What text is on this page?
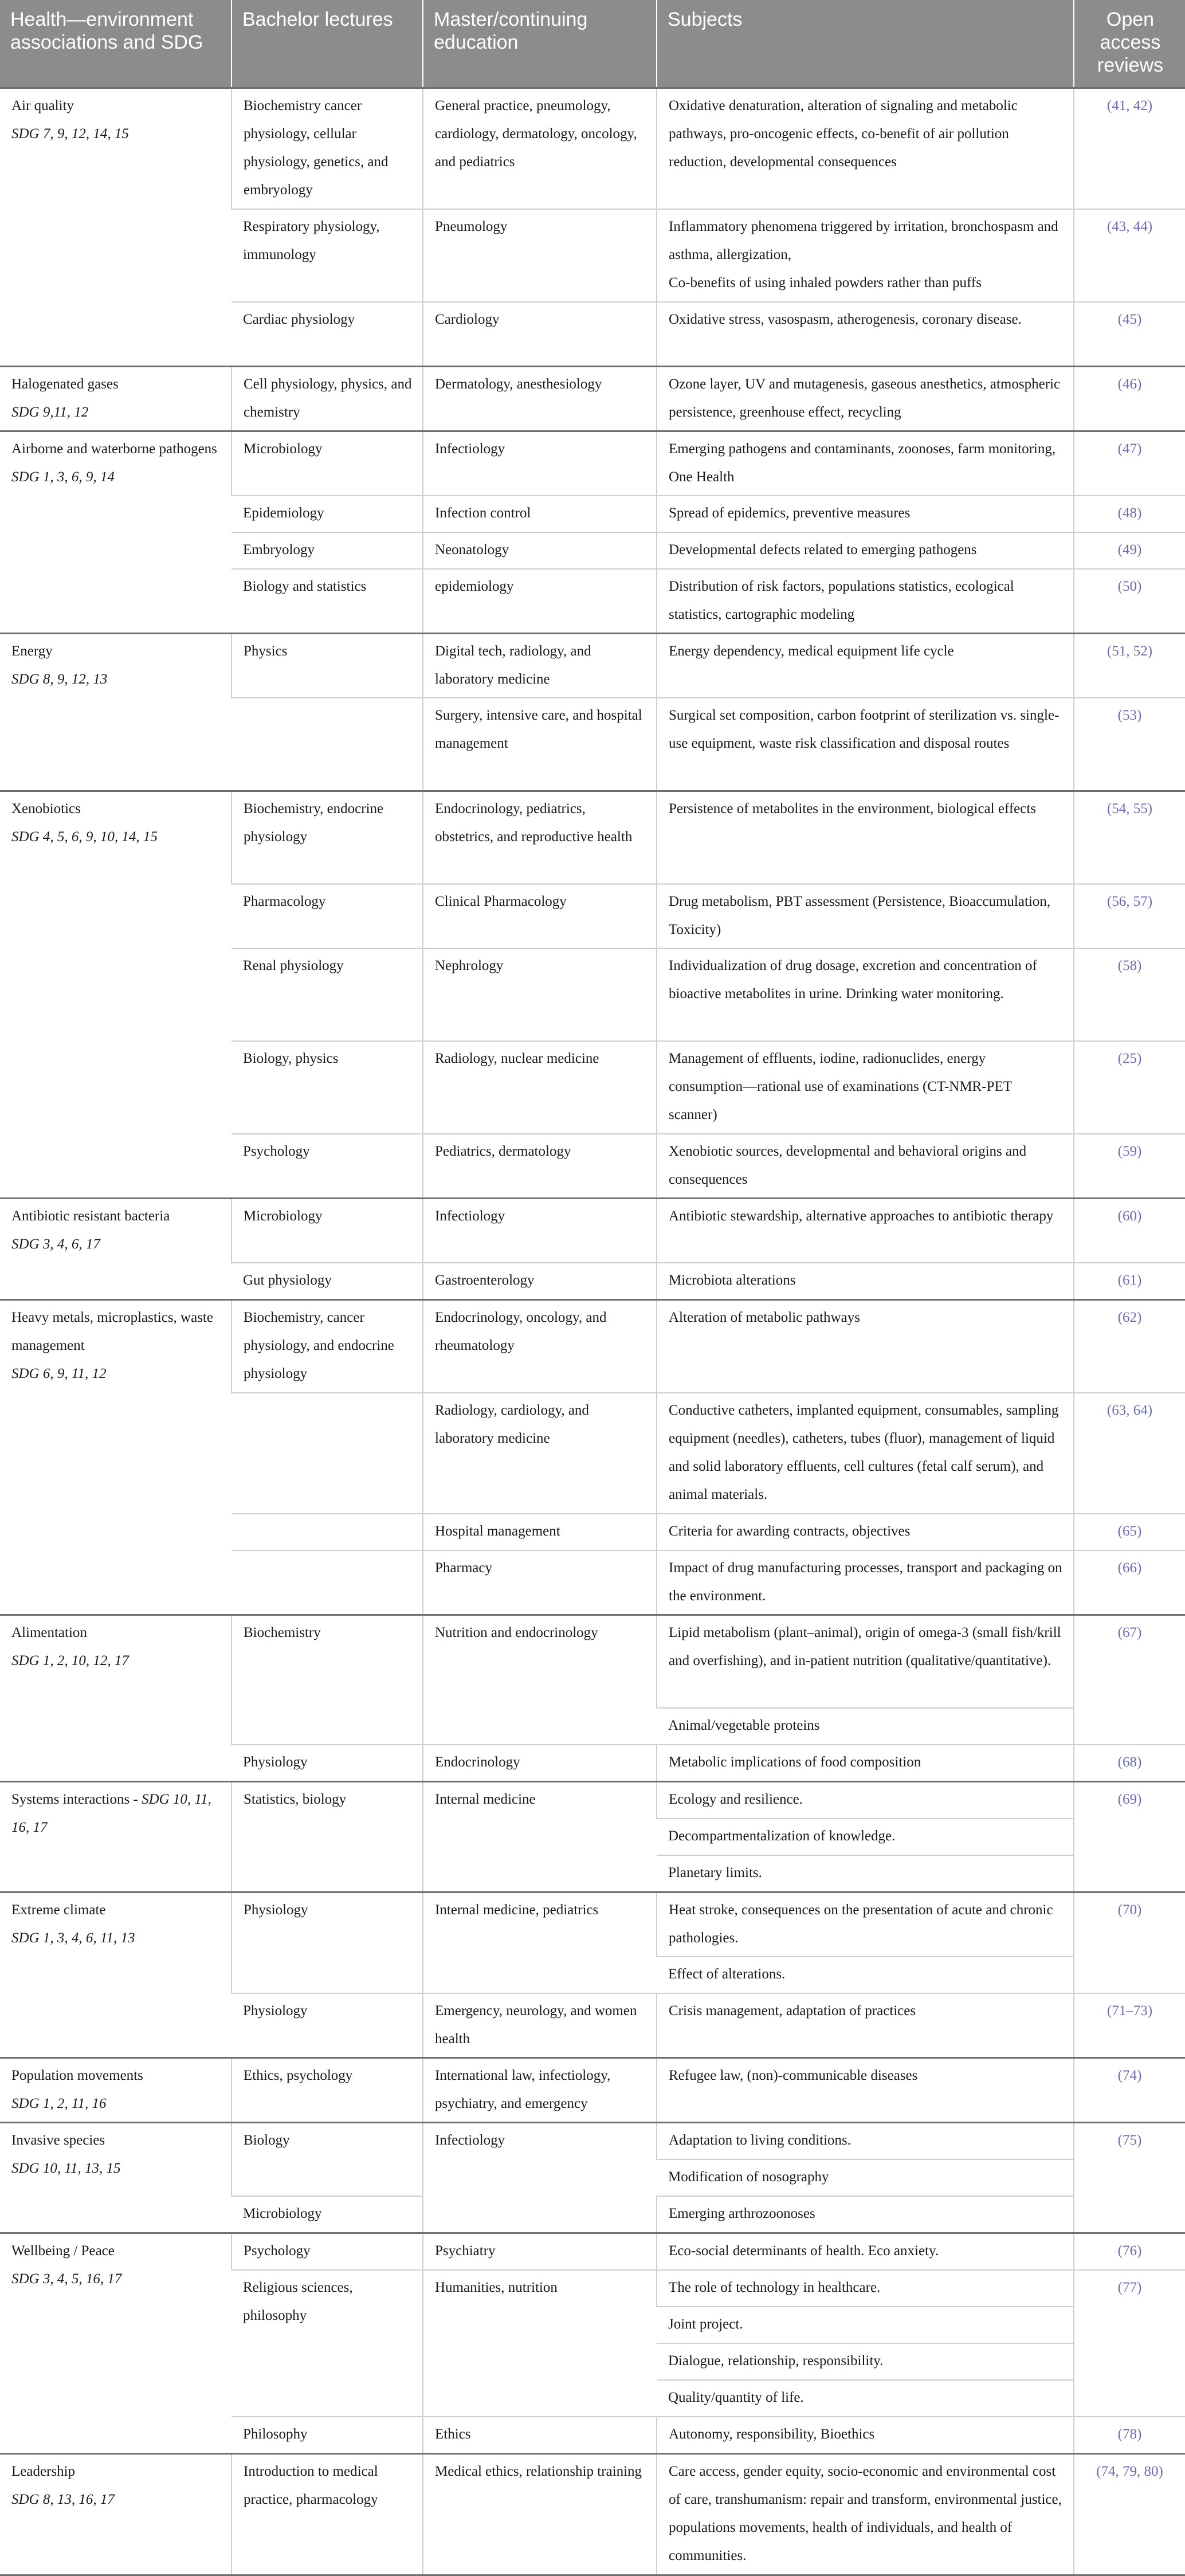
Health—environment associations and SDG	Bachelor lectures	Master/continuing education	Subjects	Open access reviews

Air quality
SDG 7, 9, 12, 14, 15	Biochemistry cancer physiology, cellular physiology, genetics, and embryology	General practice, pneumology, cardiology, dermatology, oncology, and pediatrics	Oxidative denaturation, alteration of signaling and metabolic pathways, pro-oncogenic effects, co-benefit of air pollution reduction, developmental consequences	(41, 42)
	Respiratory physiology, immunology	Pneumology	Inflammatory phenomena triggered by irritation, bronchospasm and asthma, allergization,
Co-benefits of using inhaled powders rather than puffs	(43, 44)
	Cardiac physiology	Cardiology	Oxidative stress, vasospasm, atherogenesis, coronary disease.	(45)

Halogenated gases
SDG 9,11, 12	Cell physiology, physics, and chemistry	Dermatology, anesthesiology	Ozone layer, UV and mutagenesis, gaseous anesthetics, atmospheric persistence, greenhouse effect, recycling	(46)

Airborne and waterborne pathogens
SDG 1, 3, 6, 9, 14	Microbiology	Infectiology	Emerging pathogens and contaminants, zoonoses, farm monitoring, One Health	(47)
	Epidemiology	Infection control	Spread of epidemics, preventive measures	(48)
	Embryology	Neonatology	Developmental defects related to emerging pathogens	(49)
	Biology and statistics	epidemiology	Distribution of risk factors, populations statistics, ecological statistics, cartographic modeling	(50)

Energy
SDG 8, 9, 12, 13	Physics	Digital tech, radiology, and laboratory medicine	Energy dependency, medical equipment life cycle	(51, 52)
		Surgery, intensive care, and hospital management	Surgical set composition, carbon footprint of sterilization vs. single-use equipment, waste risk classification and disposal routes	(53)

Xenobiotics
SDG 4, 5, 6, 9, 10, 14, 15	Biochemistry, endocrine physiology	Endocrinology, pediatrics, obstetrics, and reproductive health	Persistence of metabolites in the environment, biological effects	(54, 55)
	Pharmacology	Clinical Pharmacology	Drug metabolism, PBT assessment (Persistence, Bioaccumulation, Toxicity)	(56, 57)
	Renal physiology	Nephrology	Individualization of drug dosage, excretion and concentration of bioactive metabolites in urine. Drinking water monitoring.	(58)
	Biology, physics	Radiology, nuclear medicine	Management of effluents, iodine, radionuclides, energy consumption—rational use of examinations (CT-NMR-PET scanner)	(25)
	Psychology	Pediatrics, dermatology	Xenobiotic sources, developmental and behavioral origins and consequences	(59)

Antibiotic resistant bacteria
SDG 3, 4, 6, 17	Microbiology	Infectiology	Antibiotic stewardship, alternative approaches to antibiotic therapy	(60)
	Gut physiology	Gastroenterology	Microbiota alterations	(61)

Heavy metals, microplastics, waste management
SDG 6, 9, 11, 12	Biochemistry, cancer physiology, and endocrine physiology	Endocrinology, oncology, and rheumatology	Alteration of metabolic pathways	(62)
		Radiology, cardiology, and laboratory medicine	Conductive catheters, implanted equipment, consumables, sampling equipment (needles), catheters, tubes (fluor), management of liquid and solid laboratory effluents, cell cultures (fetal calf serum), and animal materials.	(63, 64)
		Hospital management	Criteria for awarding contracts, objectives	(65)
		Pharmacy	Impact of drug manufacturing processes, transport and packaging on the environment.	(66)

Alimentation
SDG 1, 2, 10, 12, 17	Biochemistry	Nutrition and endocrinology	Lipid metabolism (plant–animal), origin of omega-3 (small fish/krill and overfishing), and in-patient nutrition (qualitative/quantitative).	(67)
			Animal/vegetable proteins	
	Physiology	Endocrinology	Metabolic implications of food composition	(68)
Systems interactions - SDG 10, 11, 16, 17	Statistics, biology	Internal medicine	Ecology and resilience.	(69)
			Decompartmentalization of knowledge.	
			Planetary limits.	

Extreme climate
SDG 1, 3, 4, 6, 11, 13	Physiology	Internal medicine, pediatrics	Heat stroke, consequences on the presentation of acute and chronic pathologies.	(70)
			Effect of alterations.	
	Physiology	Emergency, neurology, and women health	Crisis management, adaptation of practices	(71–73)

Population movements
SDG 1, 2, 11, 16	Ethics, psychology	International law, infectiology, psychiatry, and emergency	Refugee law, (non)-communicable diseases	(74)

Invasive species
SDG 10, 11, 13, 15	Biology	Infectiology	Adaptation to living conditions.	(75)
			Modification of nosography	
	Microbiology		Emerging arthrozoonoses	

Wellbeing / Peace
SDG 3, 4, 5, 16, 17	Psychology	Psychiatry	Eco-social determinants of health. Eco anxiety.	(76)
	Religious sciences, philosophy	Humanities, nutrition	The role of technology in healthcare.	(77)
			Joint project.	
			Dialogue, relationship, responsibility.	
			Quality/quantity of life.	
	Philosophy	Ethics	Autonomy, responsibility, Bioethics	(78)

Leadership
SDG 8, 13, 16, 17	Introduction to medical practice, pharmacology	Medical ethics, relationship training	Care access, gender equity, socio-economic and environmental cost of care, transhumanism: repair and transform, environmental justice, populations movements, health of individuals, and health of communities.	(74, 79, 80)
